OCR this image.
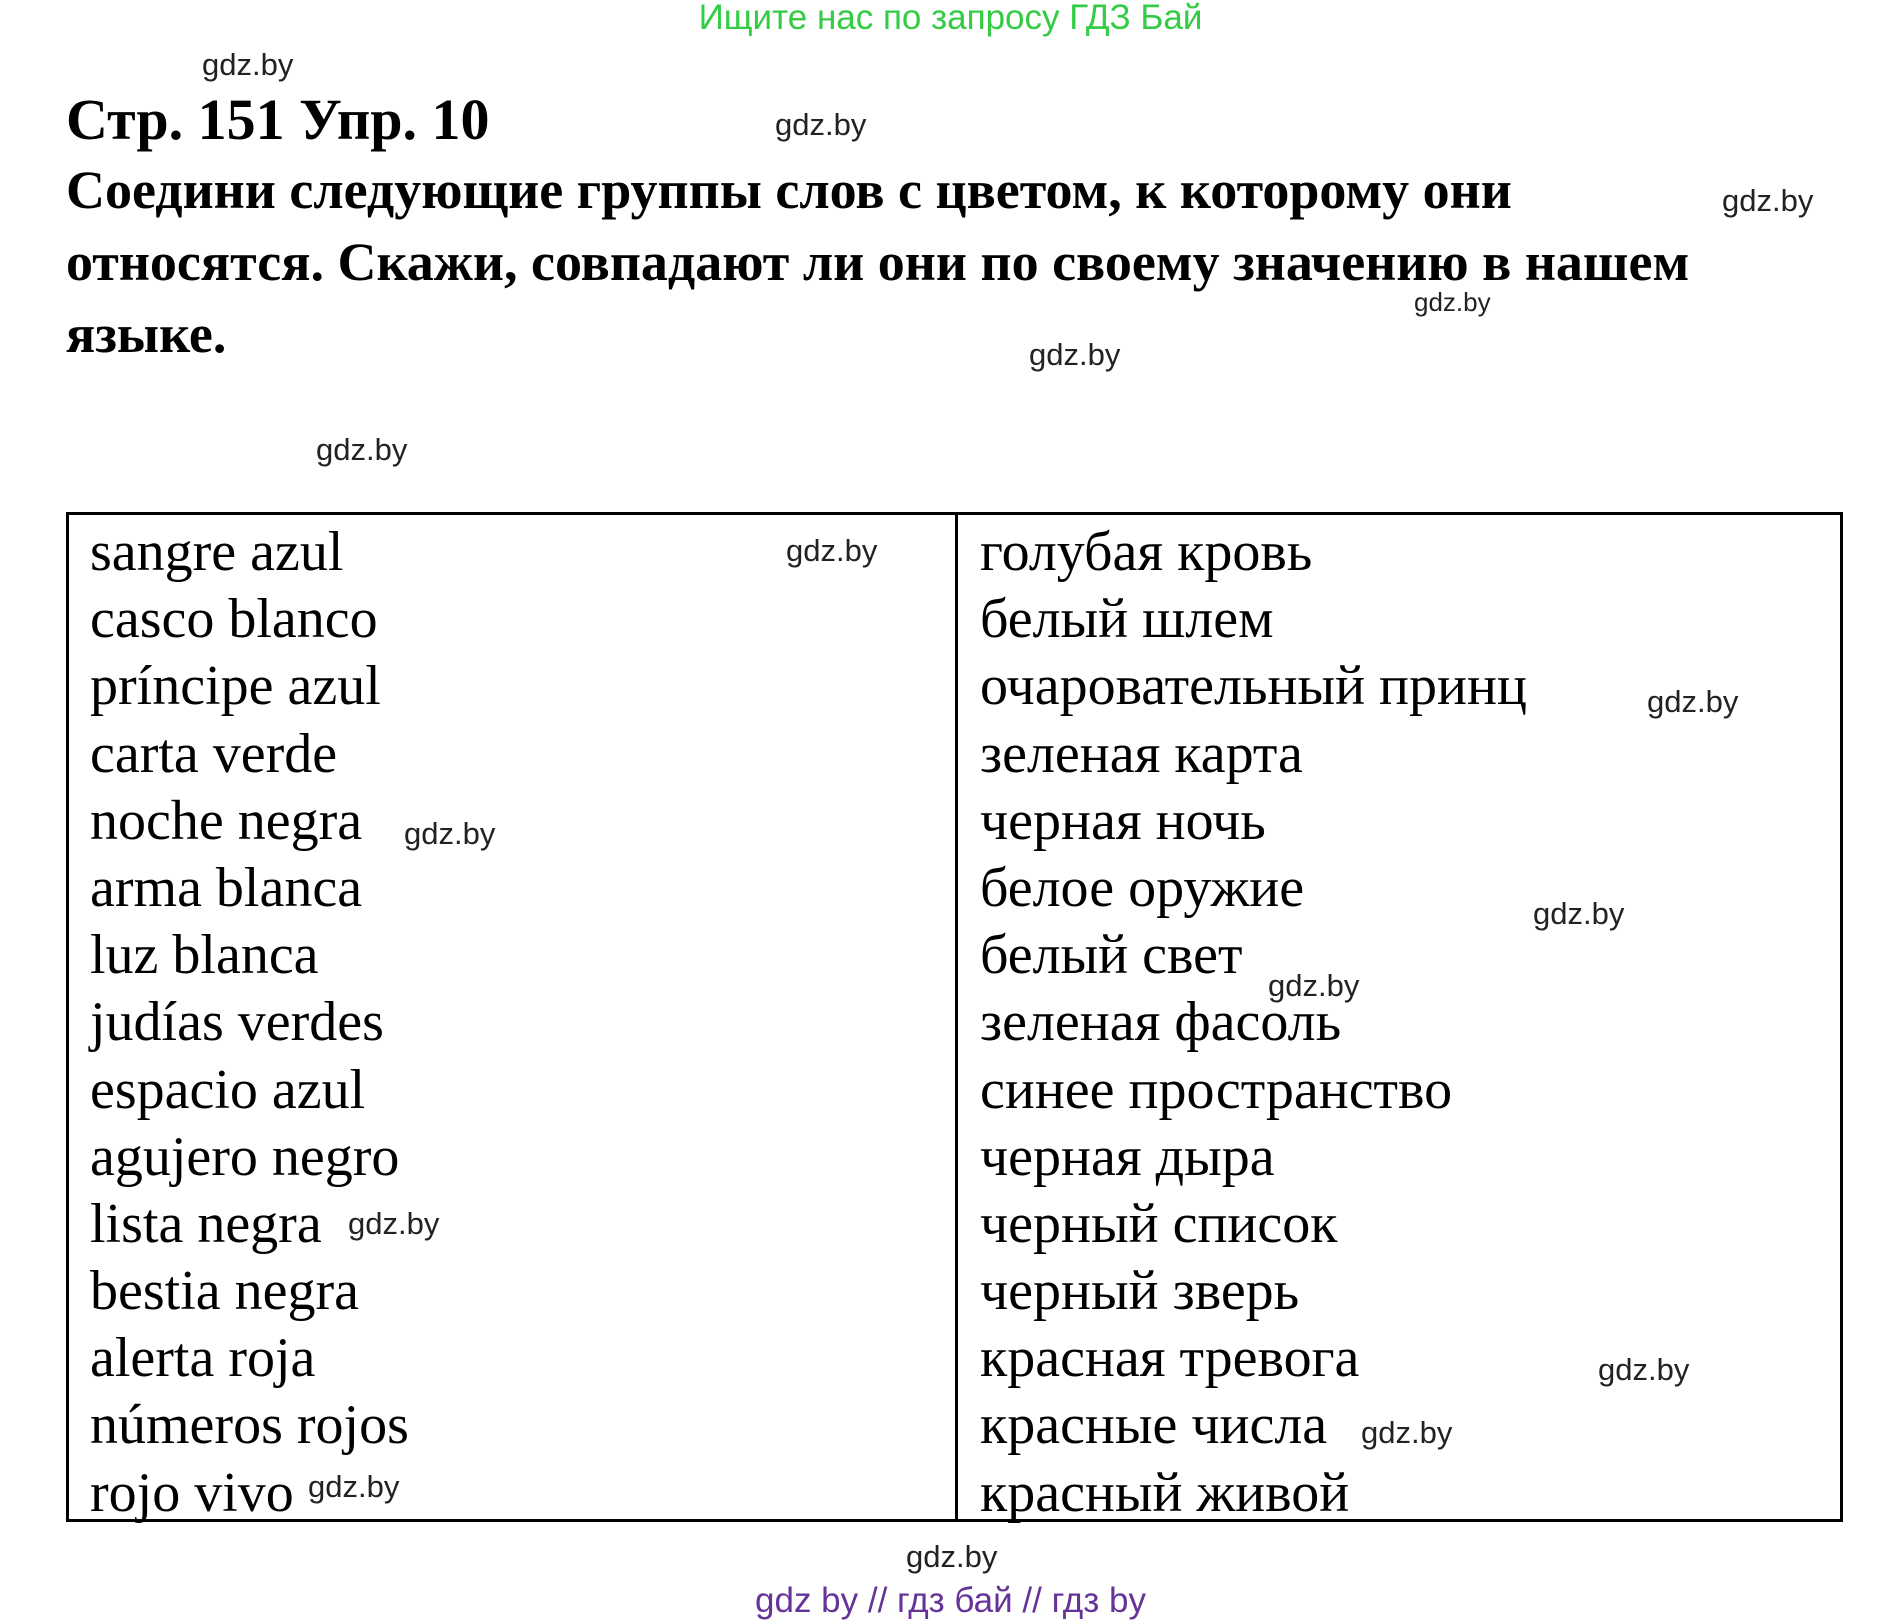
Ищите нас по запросу ГДЗ Бай
Стр. 151 Упр. 10
Соедини следующие группы слов с цветом, к которому они
относятся. Скажи, совпадают ли они по своему значению в нашем
языке.
gdz.by
gdz.by
gdz.by
gdz.by
gdz.by
gdz.by
gdz.by
gdz.by
gdz.by
gdz.by
gdz.by
gdz.by
gdz.by
gdz.by
gdz.by
gdz.by
sangre azul
casco blanco
príncipe azul
carta verde
noche negra
arma blanca
luz blanca
judías verdes
espacio azul
agujero negro
lista negra
bestia negra
alerta roja
números rojos
rojo vivo
голубая кровь
белый шлем
очаровательный принц
зеленая карта
черная ночь
белое оружие
белый свет
зеленая фасоль
синее пространство
черная дыра
черный список
черный зверь
красная тревога
красные числа
красный живой
gdz by // гдз бай // гдз by
